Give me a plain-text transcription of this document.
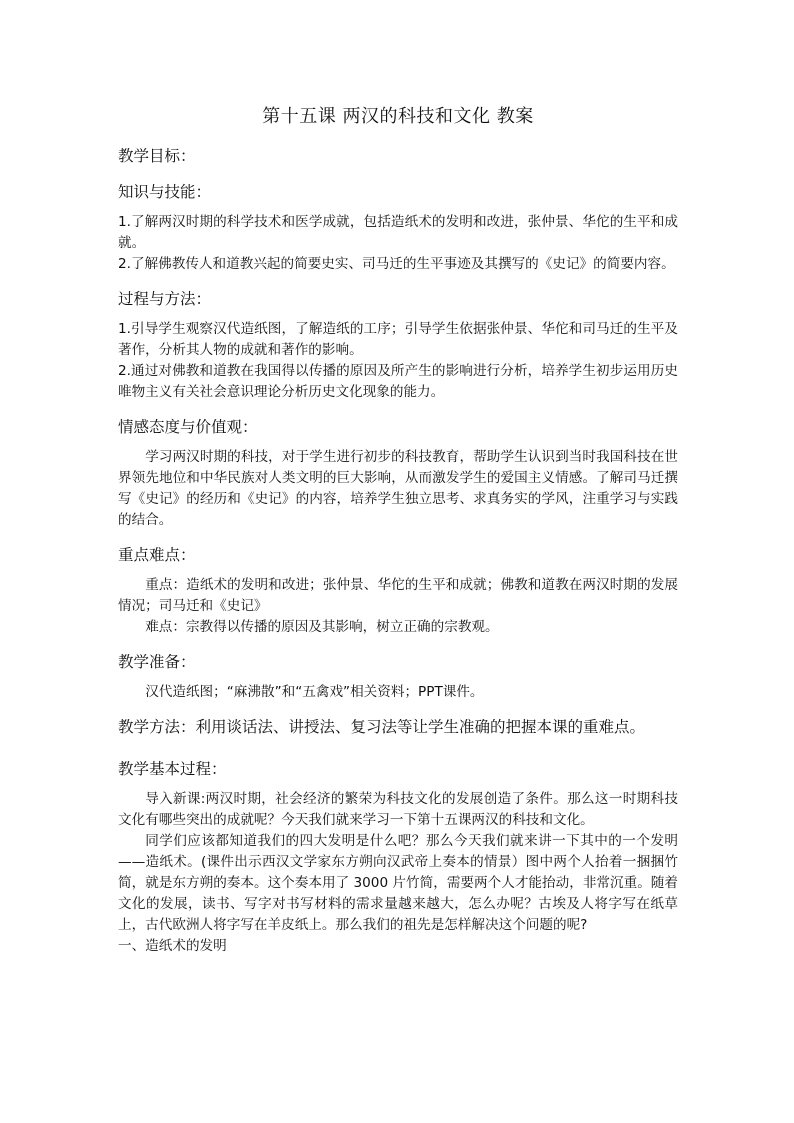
第十五课 两汉的科技和文化 教案
教学目标：
知识与技能：
1.了解两汉时期的科学技术和医学成就，包括造纸术的发明和改进，张仲景、华佗的生平和成就。
2.了解佛教传人和道教兴起的简要史实、司马迁的生平事迹及其撰写的《史记》的简要内容。
过程与方法：
1.引导学生观察汉代造纸图，了解造纸的工序；引导学生依据张仲景、华佗和司马迁的生平及著作，分析其人物的成就和著作的影响。
2.通过对佛教和道教在我国得以传播的原因及所产生的影响进行分析，培养学生初步运用历史唯物主义有关社会意识理论分析历史文化现象的能力。
情感态度与价值观：
学习两汉时期的科技，对于学生进行初步的科技教育，帮助学生认识到当时我国科技在世界领先地位和中华民族对人类文明的巨大影响，从而激发学生的爱国主义情感。了解司马迁撰写《史记》的经历和《史记》的内容，培养学生独立思考、求真务实的学风，注重学习与实践的结合。
重点难点：
重点：造纸术的发明和改进；张仲景、华佗的生平和成就；佛教和道教在两汉时期的发展情况；司马迁和《史记》
难点：宗教得以传播的原因及其影响，树立正确的宗教观。
教学准备：
汉代造纸图；“麻沸散”和“五禽戏”相关资料；PPT课件。
教学方法：利用谈话法、讲授法、复习法等让学生准确的把握本课的重难点。
教学基本过程：
导入新课:两汉时期，社会经济的繁荣为科技文化的发展创造了条件。那么这一时期科技文化有哪些突出的成就呢？今天我们就来学习一下第十五课两汉的科技和文化。
同学们应该都知道我们的四大发明是什么吧？那么今天我们就来讲一下其中的一个发明——造纸术。(课件出示西汉文学家东方朔向汉武帝上奏本的情景）图中两个人抬着一捆捆竹简，就是东方朔的奏本。这个奏本用了 3000 片竹简，需要两个人才能抬动，非常沉重。随着文化的发展，读书、写字对书写材料的需求量越来越大，怎么办呢？古埃及人将字写在纸草上，古代欧洲人将字写在羊皮纸上。那么我们的祖先是怎样解决这个问题的呢?
一、造纸术的发明
